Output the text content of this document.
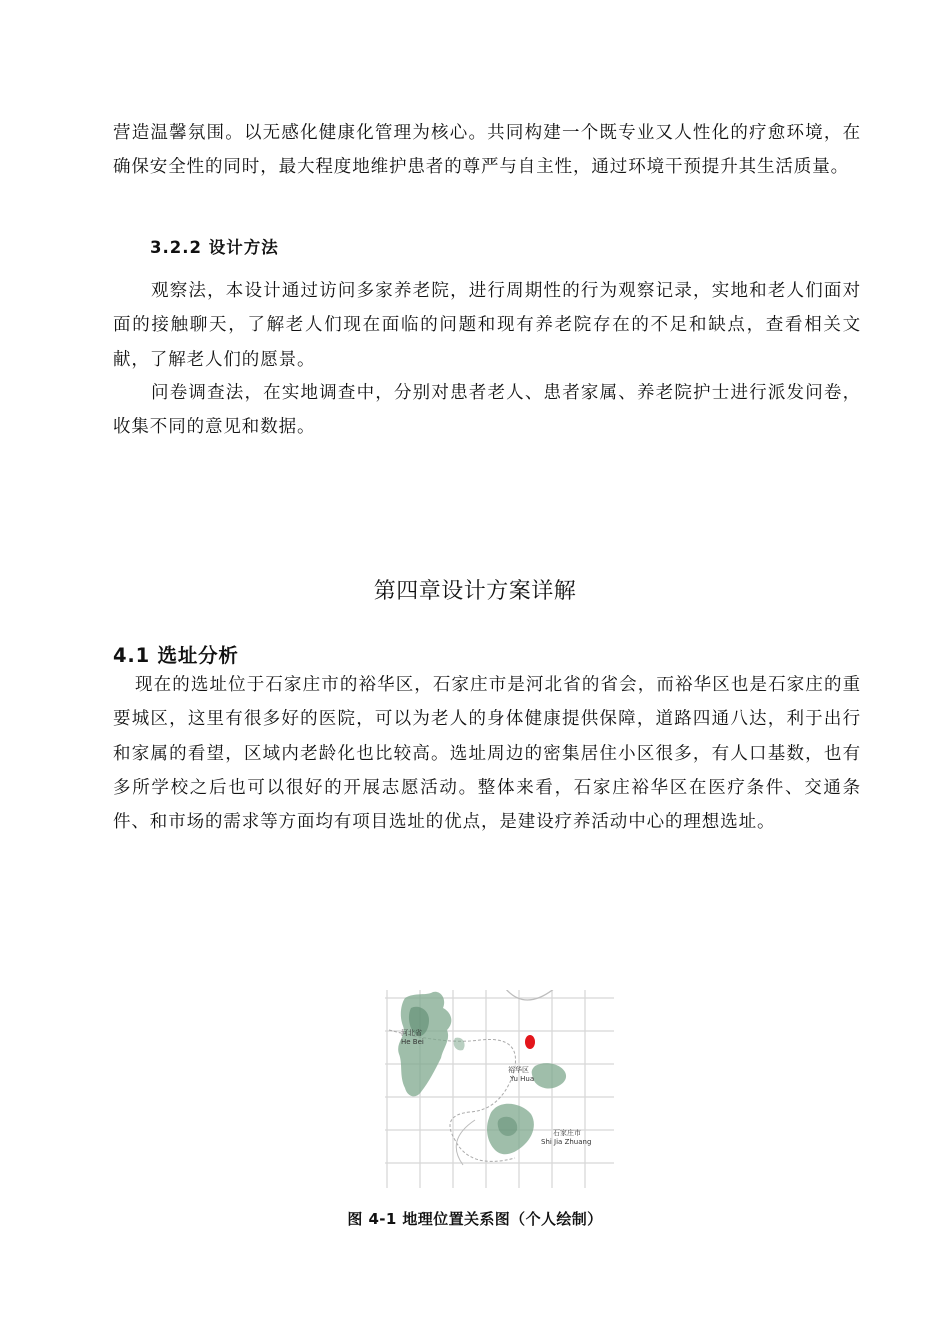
营造温馨氛围。以无感化健康化管理为核心。共同构建一个既专业又人性化的疗愈环境，在确保安全性的同时，最大程度地维护患者的尊严与自主性，通过环境干预提升其生活质量。

3.2.2 设计方法

观察法，本设计通过访问多家养老院，进行周期性的行为观察记录，实地和老人们面对面的接触聊天，了解老人们现在面临的问题和现有养老院存在的不足和缺点，查看相关文献，了解老人们的愿景。

问卷调查法，在实地调查中，分别对患者老人、患者家属、养老院护士进行派发问卷，收集不同的意见和数据。

第四章设计方案详解
4.1 选址分析

现在的选址位于石家庄市的裕华区，石家庄市是河北省的省会，而裕华区也是石家庄的重要城区，这里有很多好的医院，可以为老人的身体健康提供保障，道路四通八达，利于出行和家属的看望，区域内老龄化也比较高。选址周边的密集居住小区很多，有人口基数，也有多所学校之后也可以很好的开展志愿活动。整体来看，石家庄裕华区在医疗条件、交通条件、和市场的需求等方面均有项目选址的优点，是建设疗养活动中心的理想选址。

河北省
He Bei
裕华区
Yu Hua
石家庄市
Shi Jia Zhuang

图 4-1 地理位置关系图（个人绘制）
